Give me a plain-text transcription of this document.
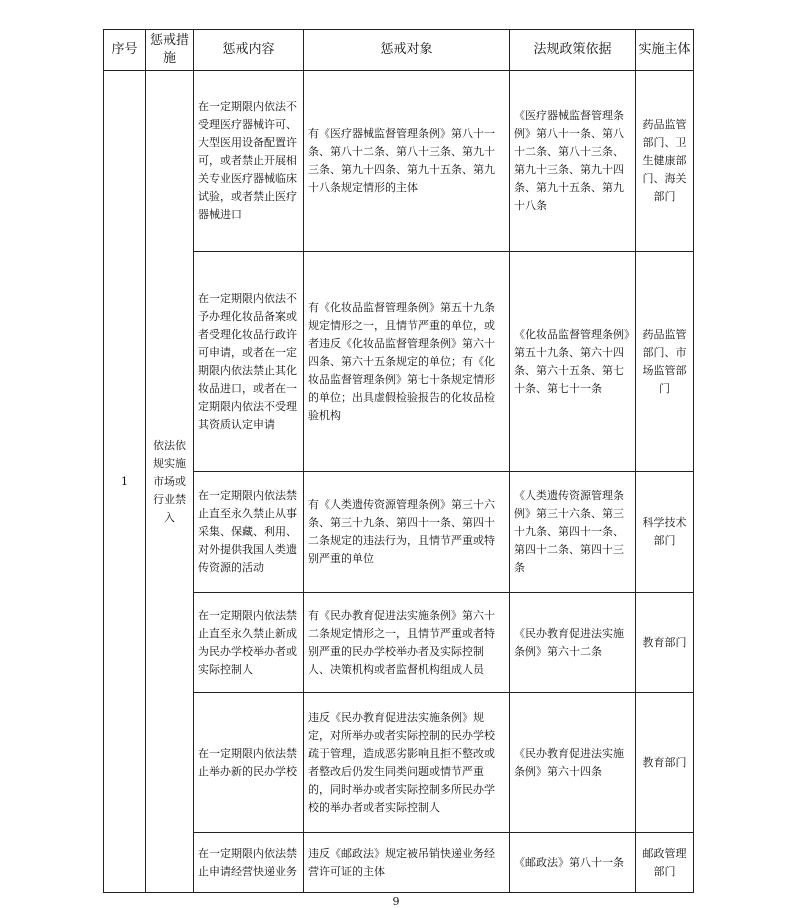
序号	惩戒措施	惩戒内容	惩戒对象	法规政策依据	实施主体
1	依法依规实施市场或行业禁入	在一定期限内依法不受理医疗器械许可、大型医用设备配置许可，或者禁止开展相关专业医疗器械临床试验，或者禁止医疗器械进口	有《医疗器械监督管理条例》第八十一条、第八十二条、第八十三条、第九十三条、第九十四条、第九十五条、第九十八条规定情形的主体	《医疗器械监督管理条例》第八十一条、第八十二条、第八十三条、第九十三条、第九十四条、第九十五条、第九十八条	药品监管部门、卫生健康部门、海关部门
		在一定期限内依法不予办理化妆品备案或者受理化妆品行政许可申请，或者在一定期限内依法禁止其化妆品进口，或者在一定期限内依法不受理其资质认定申请	有《化妆品监督管理条例》第五十九条规定情形之一，且情节严重的单位，或者违反《化妆品监督管理条例》第六十四条、第六十五条规定的单位；有《化妆品监督管理条例》第七十条规定情形的单位；出具虚假检验报告的化妆品检验机构	《化妆品监督管理条例》第五十九条、第六十四条、第六十五条、第七十条、第七十一条	药品监管部门、市场监管部门
		在一定期限内依法禁止直至永久禁止从事采集、保藏、利用、对外提供我国人类遗传资源的活动	有《人类遗传资源管理条例》第三十六条、第三十九条、第四十一条、第四十二条规定的违法行为，且情节严重或特别严重的单位	《人类遗传资源管理条例》第三十六条、第三十九条、第四十一条、第四十二条、第四十三条	科学技术部门
		在一定期限内依法禁止直至永久禁止新成为民办学校举办者或实际控制人	有《民办教育促进法实施条例》第六十二条规定情形之一，且情节严重或者特别严重的民办学校举办者及实际控制人、决策机构或者监督机构组成人员	《民办教育促进法实施条例》第六十二条	教育部门
		在一定期限内依法禁止举办新的民办学校	违反《民办教育促进法实施条例》规定，对所举办或者实际控制的民办学校疏于管理，造成恶劣影响且拒不整改或者整改后仍发生同类问题或情节严重的，同时举办或者实际控制多所民办学校的举办者或者实际控制人	《民办教育促进法实施条例》第六十四条	教育部门
		在一定期限内依法禁止申请经营快递业务	违反《邮政法》规定被吊销快递业务经营许可证的主体	《邮政法》第八十一条	邮政管理部门
9
